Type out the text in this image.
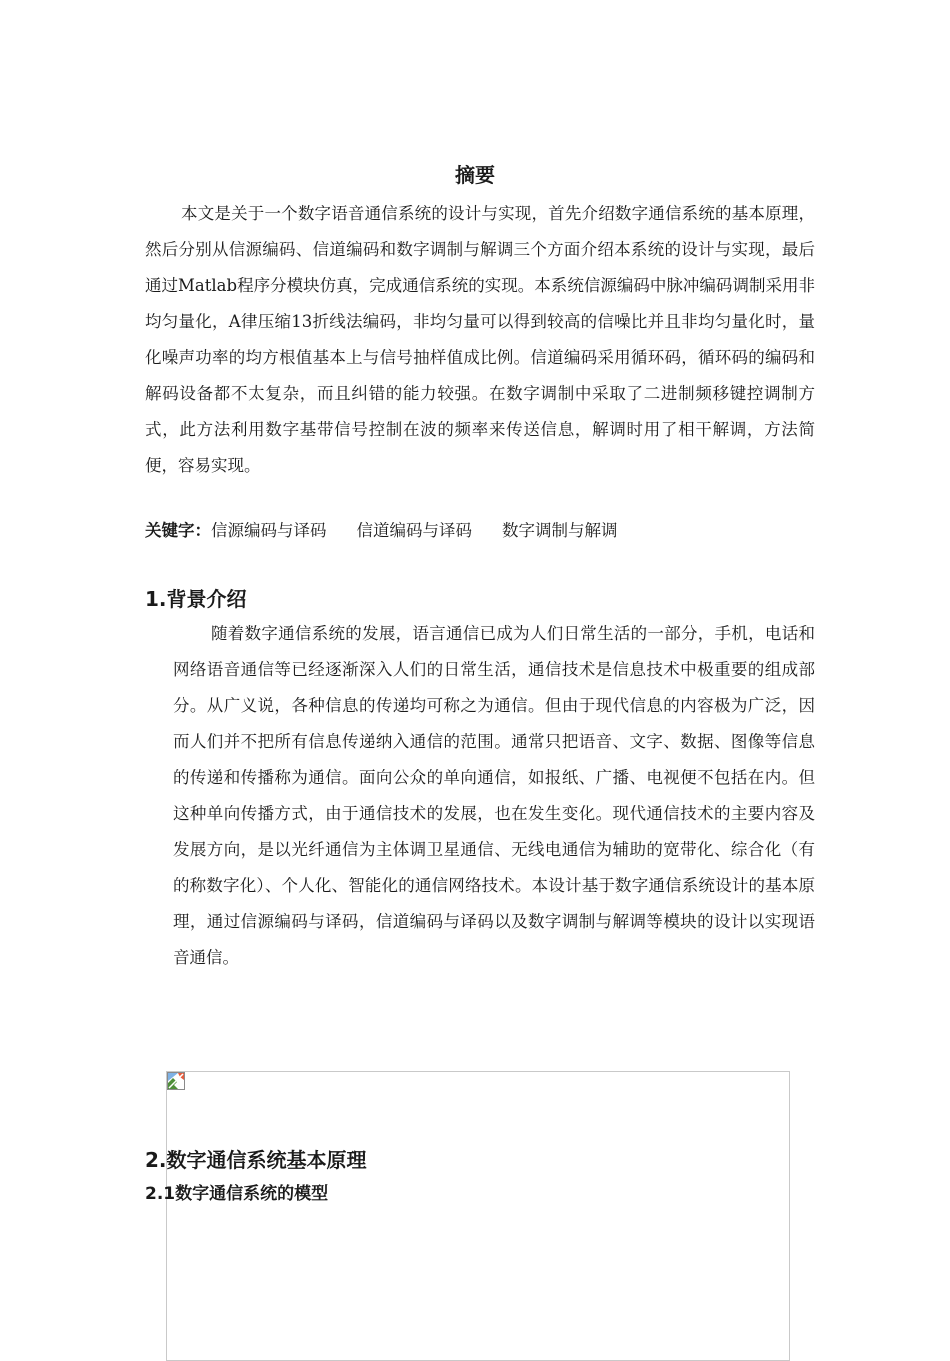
摘要

本文是关于一个数字语音通信系统的设计与实现，首先介绍数字通信系统的基本原理，然后分别从信源编码、信道编码和数字调制与解调三个方面介绍本系统的设计与实现，最后通过Matlab程序分模块仿真，完成通信系统的实现。本系统信源编码中脉冲编码调制采用非均匀量化，A律压缩13折线法编码，非均匀量可以得到较高的信噪比并且非均匀量化时，量化噪声功率的均方根值基本上与信号抽样值成比例。信道编码采用循环码，循环码的编码和解码设备都不太复杂，而且纠错的能力较强。在数字调制中采取了二进制频移键控调制方式，此方法利用数字基带信号控制在波的频率来传送信息，解调时用了相干解调，方法简便，容易实现。

关键字：信源编码与译码 信道编码与译码 数字调制与解调
1.背景介绍

随着数字通信系统的发展，语言通信已成为人们日常生活的一部分，手机，电话和网络语音通信等已经逐渐深入人们的日常生活，通信技术是信息技术中极重要的组成部分。从广义说，各种信息的传递均可称之为通信。但由于现代信息的内容极为广泛，因而人们并不把所有信息传递纳入通信的范围。通常只把语音、文字、数据、图像等信息的传递和传播称为通信。面向公众的单向通信，如报纸、广播、电视便不包括在内。但这种单向传播方式，由于通信技术的发展，也在发生变化。现代通信技术的主要内容及发展方向，是以光纤通信为主体调卫星通信、无线电通信为辅助的宽带化、综合化（有的称数字化）、个人化、智能化的通信网络技术。本设计基于数字通信系统设计的基本原理，通过信源编码与译码，信道编码与译码以及数字调制与解调等模块的设计以实现语音通信。

2.数字通信系统基本原理
2.1数字通信系统的模型
